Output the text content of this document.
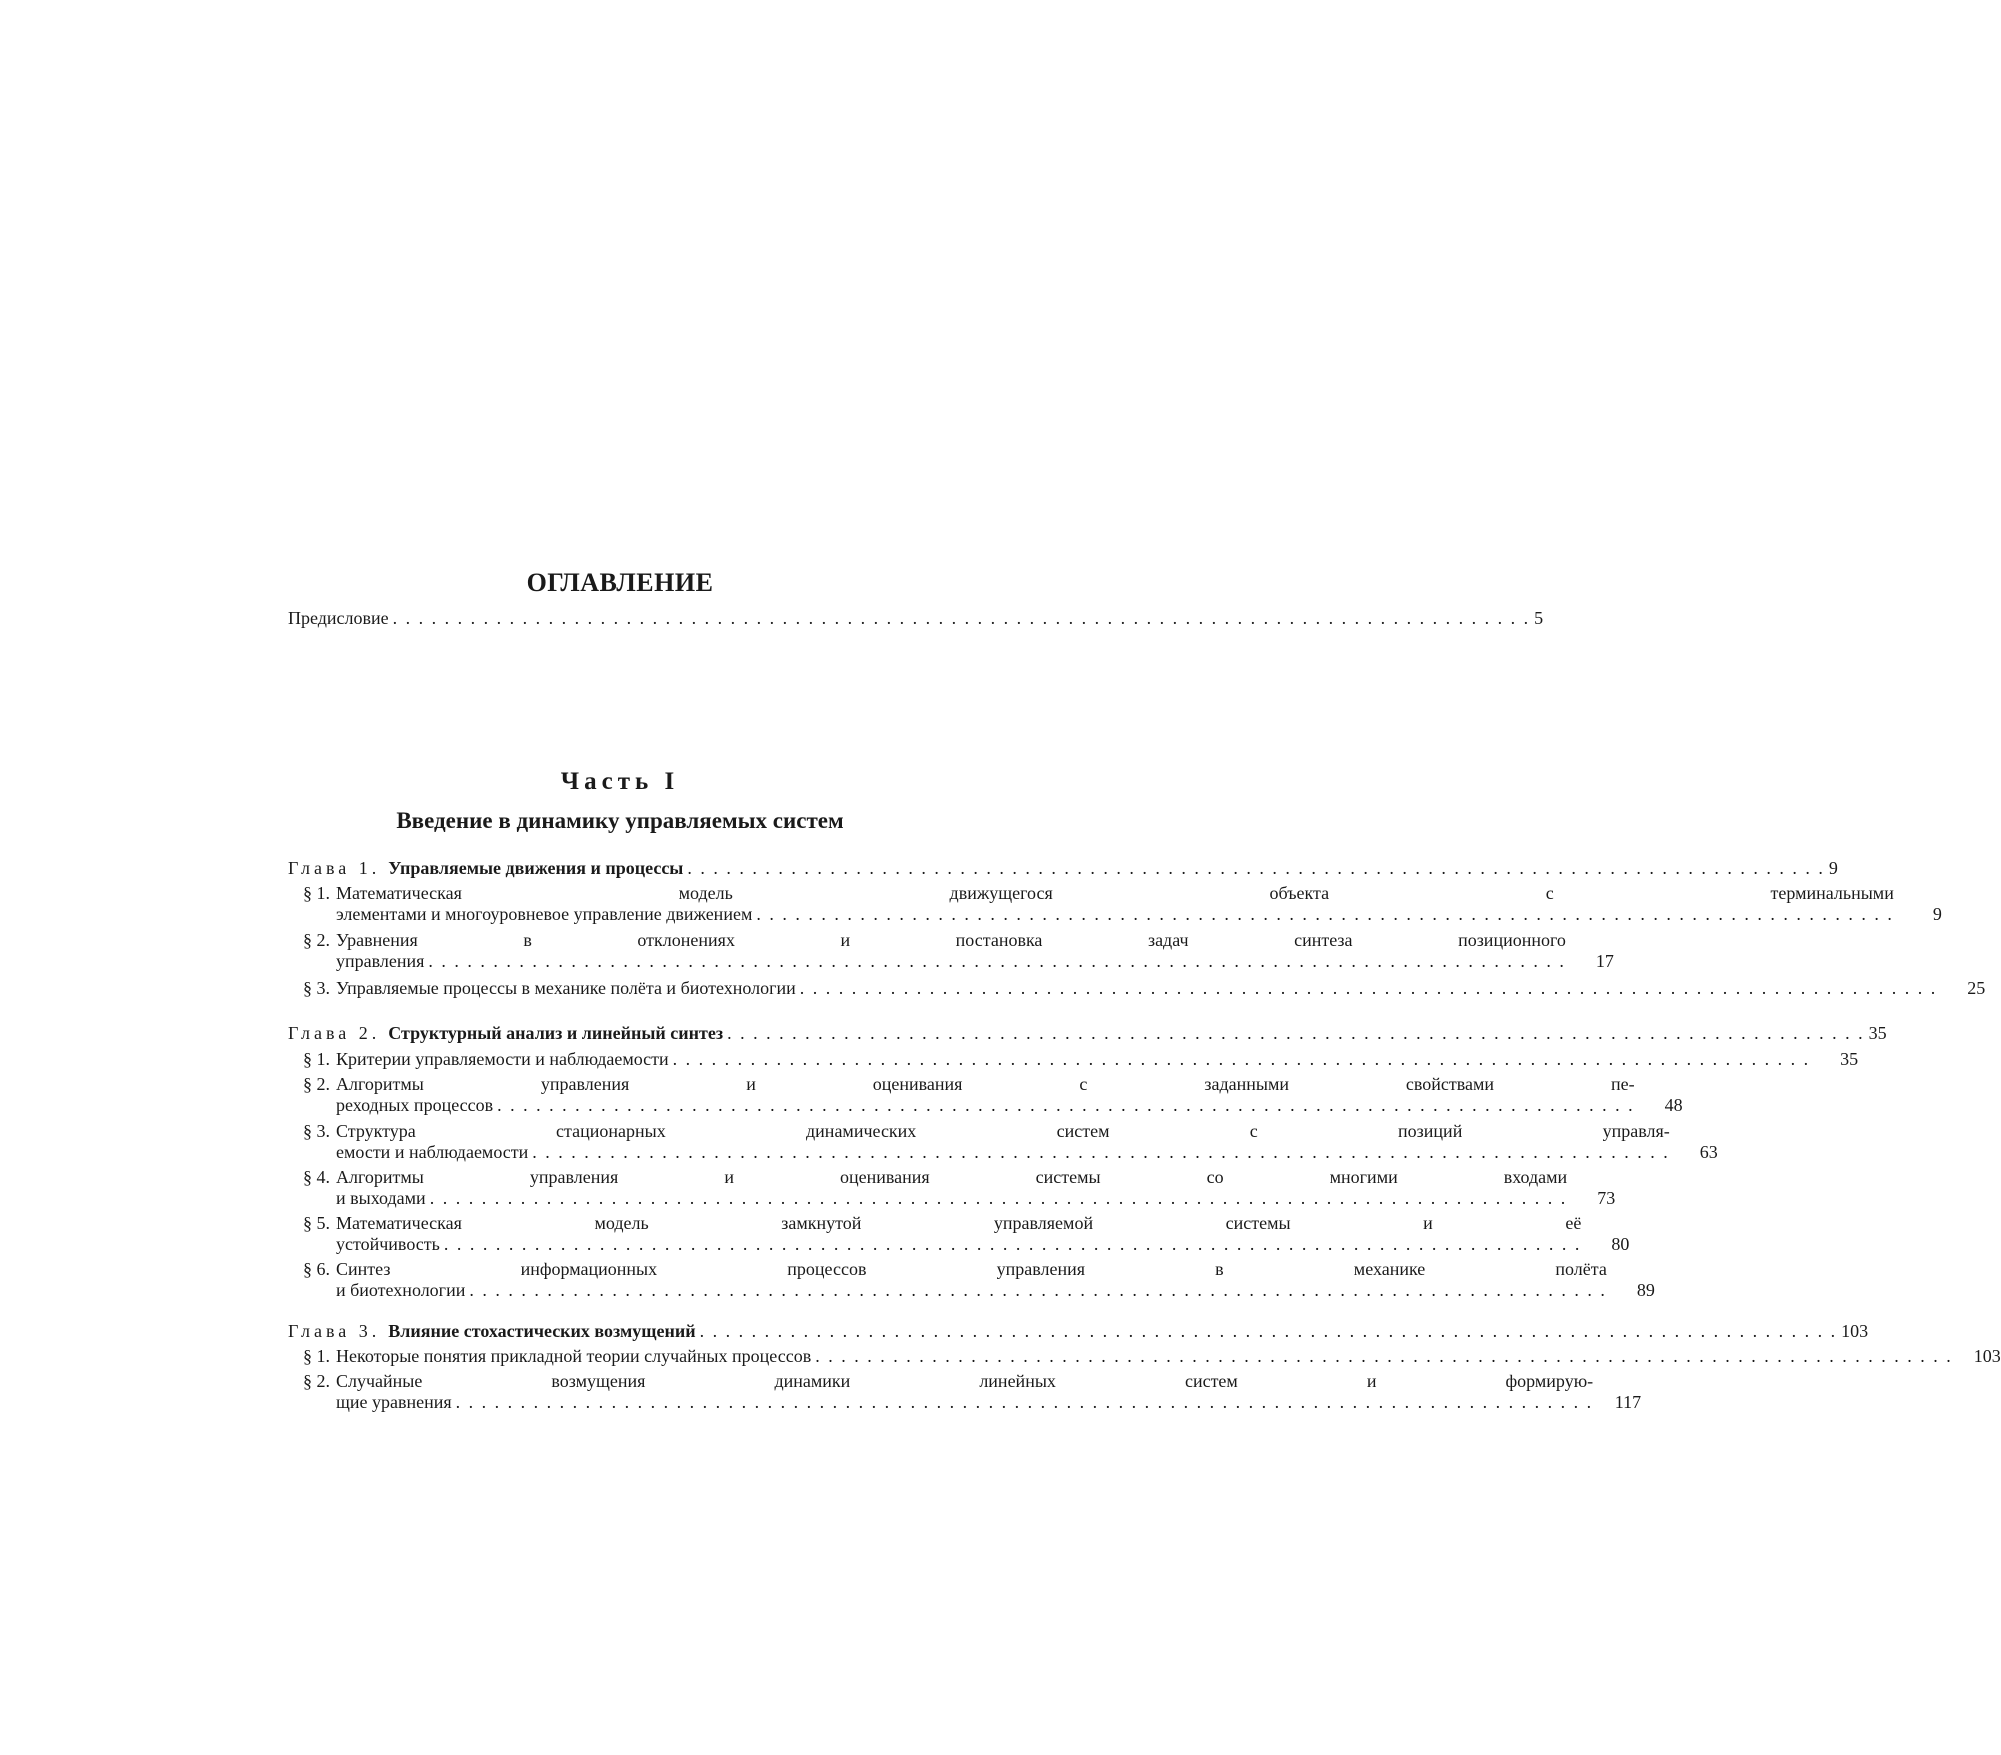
ОГЛАВЛЕНИЕ
Предисловие . . .	5
Часть I
Введение в динамику управляемых систем
Глава 1. Управляемые движения и процессы . . .	9
§ 1. Математическая модель движущегося объекта с терминальными
элементами и многоуровневое управление движением . . .	9
§ 2. Уравнения в отклонениях и постановка задач синтеза позиционного
управления . . .	17
§ 3. Управляемые процессы в механике полёта и биотехнологии . . .	25
Глава 2. Структурный анализ и линейный синтез . . .	35
§ 1. Критерии управляемости и наблюдаемости . . .	35
§ 2. Алгоритмы управления и оценивания с заданными свойствами пе-
реходных процессов . . .	48
§ 3. Структура стационарных динамических систем с позиций управля-
емости и наблюдаемости . . .	63
§ 4. Алгоритмы управления и оценивания системы со многими входами
и выходами . . .	73
§ 5. Математическая модель замкнутой управляемой системы и её
устойчивость . . .	80
§ 6. Синтез информационных процессов управления в механике полёта
и биотехнологии . . .	89
Глава 3. Влияние стохастических возмущений . . .	103
§ 1. Некоторые понятия прикладной теории случайных процессов . . .	103
§ 2. Случайные возмущения динамики линейных систем и формирую-
щие уравнения . . .	117
